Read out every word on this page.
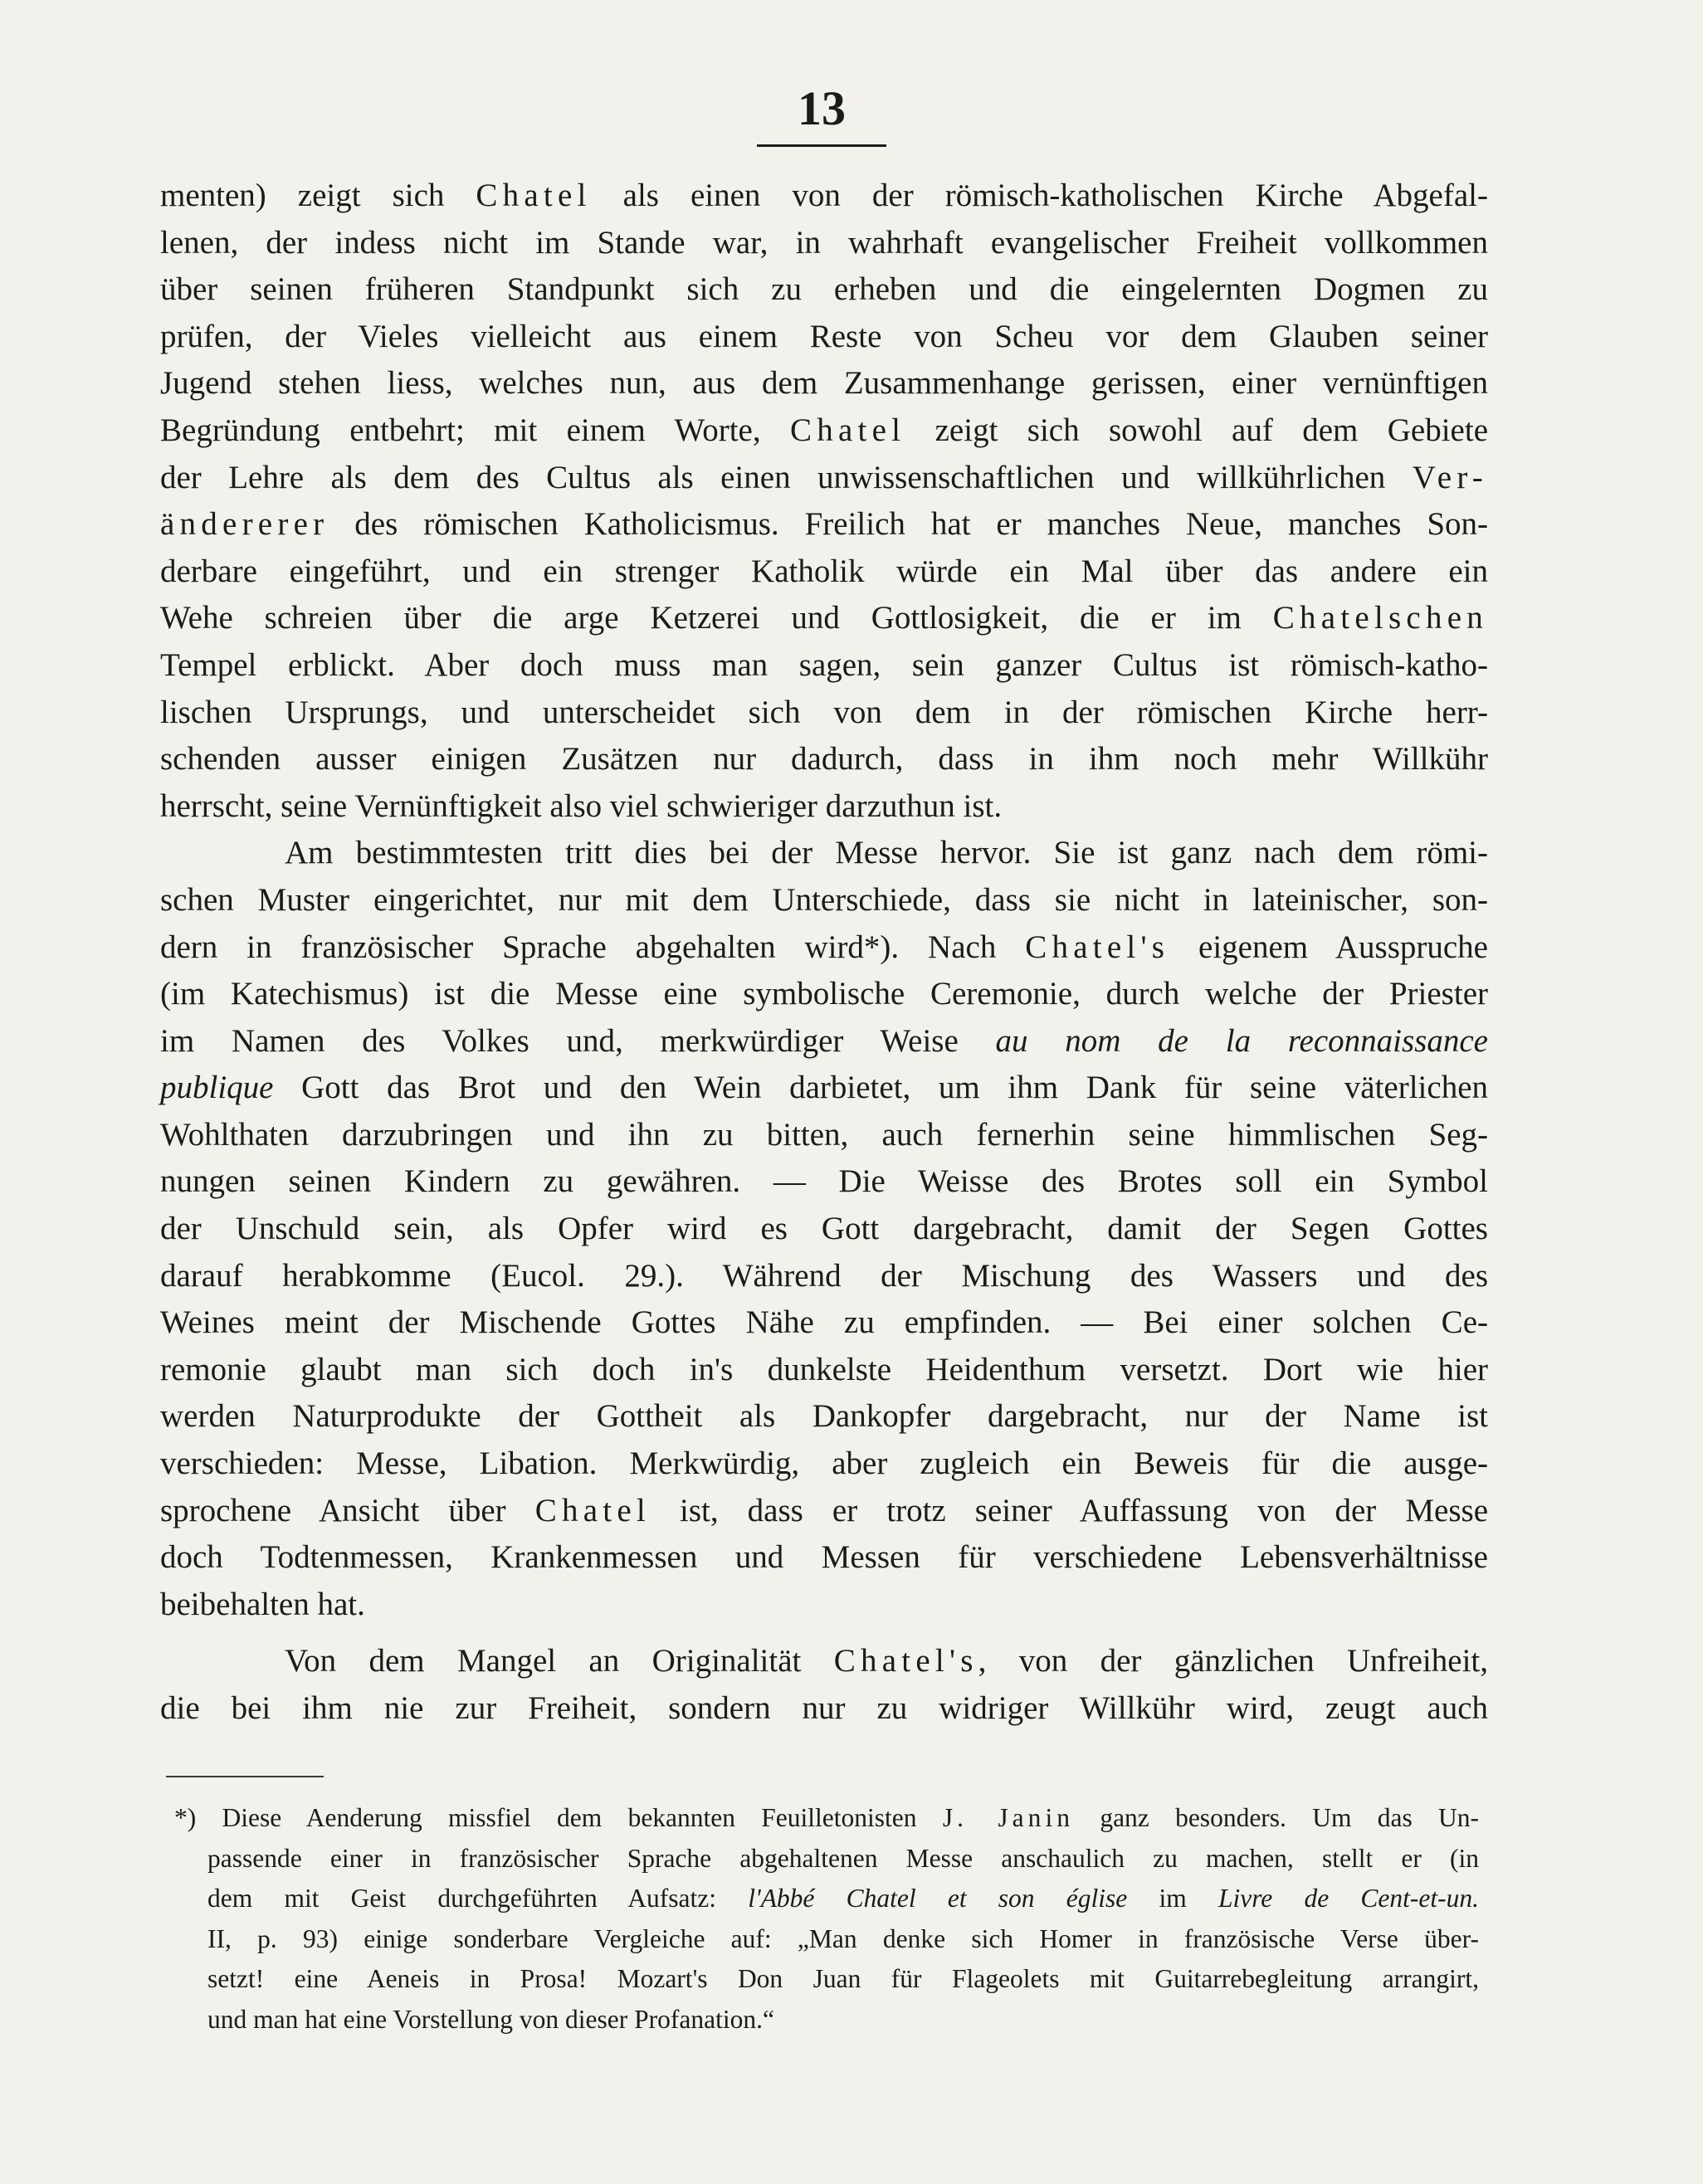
13
menten) zeigt sich Chatel als einen von der römisch-katholischen Kirche Abgefal-
lenen, der indess nicht im Stande war, in wahrhaft evangelischer Freiheit vollkommen
über seinen früheren Standpunkt sich zu erheben und die eingelernten Dogmen zu
prüfen, der Vieles vielleicht aus einem Reste von Scheu vor dem Glauben seiner
Jugend stehen liess, welches nun, aus dem Zusammenhange gerissen, einer vernünftigen
Begründung entbehrt; mit einem Worte, Chatel zeigt sich sowohl auf dem Gebiete
der Lehre als dem des Cultus als einen unwissenschaftlichen und willkührlichen Ver-
ändererer des römischen Katholicismus. Freilich hat er manches Neue, manches Son-
derbare eingeführt, und ein strenger Katholik würde ein Mal über das andere ein
Wehe schreien über die arge Ketzerei und Gottlosigkeit, die er im Chatelschen
Tempel erblickt. Aber doch muss man sagen, sein ganzer Cultus ist römisch-katho-
lischen Ursprungs, und unterscheidet sich von dem in der römischen Kirche herr-
schenden ausser einigen Zusätzen nur dadurch, dass in ihm noch mehr Willkühr
herrscht, seine Vernünftigkeit also viel schwieriger darzuthun ist.
Am bestimmtesten tritt dies bei der Messe hervor. Sie ist ganz nach dem römi-
schen Muster eingerichtet, nur mit dem Unterschiede, dass sie nicht in lateinischer, son-
dern in französischer Sprache abgehalten wird*). Nach Chatel's eigenem Ausspruche
(im Katechismus) ist die Messe eine symbolische Ceremonie, durch welche der Priester
im Namen des Volkes und, merkwürdiger Weise au nom de la reconnaissance
publique Gott das Brot und den Wein darbietet, um ihm Dank für seine väterlichen
Wohlthaten darzubringen und ihn zu bitten, auch fernerhin seine himmlischen Seg-
nungen seinen Kindern zu gewähren. — Die Weisse des Brotes soll ein Symbol
der Unschuld sein, als Opfer wird es Gott dargebracht, damit der Segen Gottes
darauf herabkomme (Eucol. 29.). Während der Mischung des Wassers und des
Weines meint der Mischende Gottes Nähe zu empfinden. — Bei einer solchen Ce-
remonie glaubt man sich doch in's dunkelste Heidenthum versetzt. Dort wie hier
werden Naturprodukte der Gottheit als Dankopfer dargebracht, nur der Name ist
verschieden: Messe, Libation. Merkwürdig, aber zugleich ein Beweis für die ausge-
sprochene Ansicht über Chatel ist, dass er trotz seiner Auffassung von der Messe
doch Todtenmessen, Krankenmessen und Messen für verschiedene Lebensverhältnisse
beibehalten hat.
Von dem Mangel an Originalität Chatel's, von der gänzlichen Unfreiheit,
die bei ihm nie zur Freiheit, sondern nur zu widriger Willkühr wird, zeugt auch
*) Diese Aenderung missfiel dem bekannten Feuilletonisten J. Janin ganz besonders. Um das Un-
passende einer in französischer Sprache abgehaltenen Messe anschaulich zu machen, stellt er (in
dem mit Geist durchgeführten Aufsatz: l'Abbé Chatel et son église im Livre de Cent-et-un.
II, p. 93) einige sonderbare Vergleiche auf: „Man denke sich Homer in französische Verse über-
setzt! eine Aeneis in Prosa! Mozart's Don Juan für Flageolets mit Guitarrebegleitung arrangirt,
und man hat eine Vorstellung von dieser Profanation.“
